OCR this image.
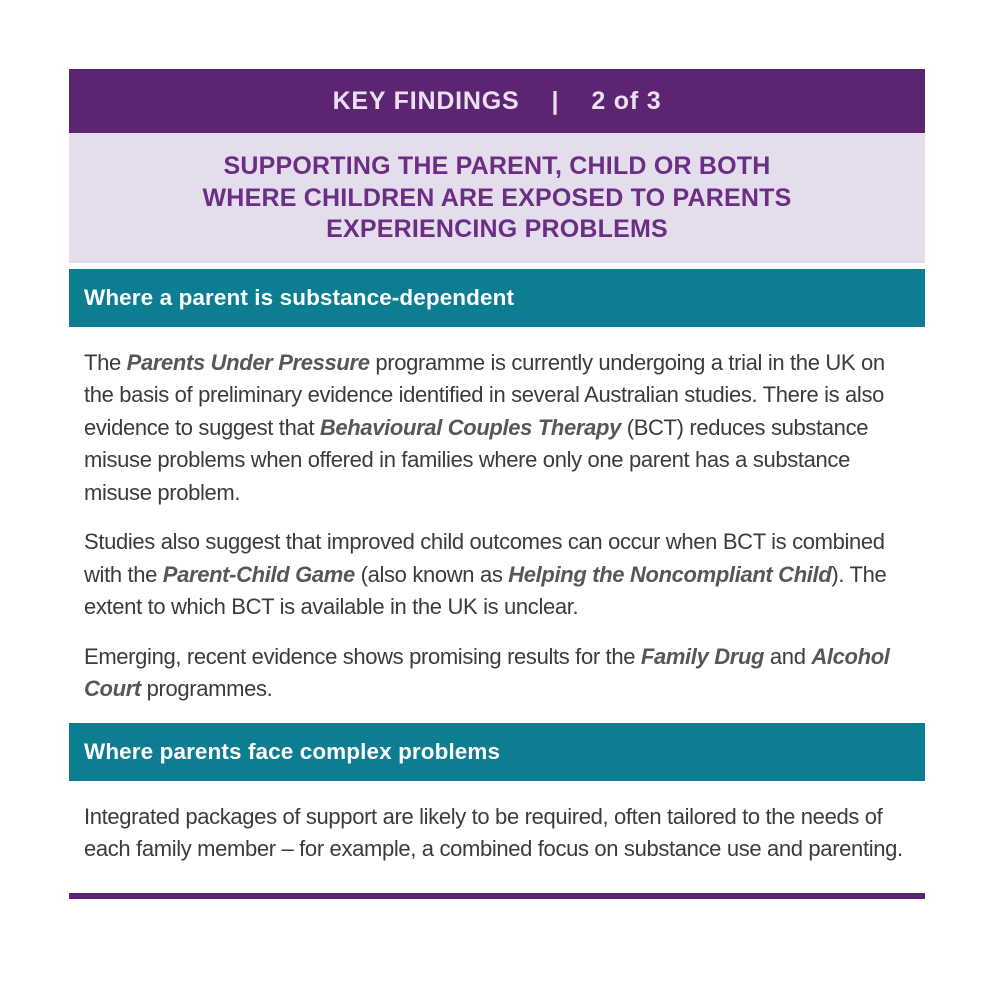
KEY FINDINGS | 2 of 3
SUPPORTING THE PARENT, CHILD OR BOTH
WHERE CHILDREN ARE EXPOSED TO PARENTS
EXPERIENCING PROBLEMS
Where a parent is substance-dependent

The Parents Under Pressure programme is currently undergoing a trial in the UK on the basis of preliminary evidence identified in several Australian studies. There is also evidence to suggest that Behavioural Couples Therapy (BCT) reduces substance misuse problems when offered in families where only one parent has a substance misuse problem.

Studies also suggest that improved child outcomes can occur when BCT is combined with the Parent-Child Game (also known as Helping the Noncompliant Child). The extent to which BCT is available in the UK is unclear.

Emerging, recent evidence shows promising results for the Family Drug and Alcohol Court programmes.

Where parents face complex problems

Integrated packages of support are likely to be required, often tailored to the needs of each family member – for example, a combined focus on substance use and parenting.
